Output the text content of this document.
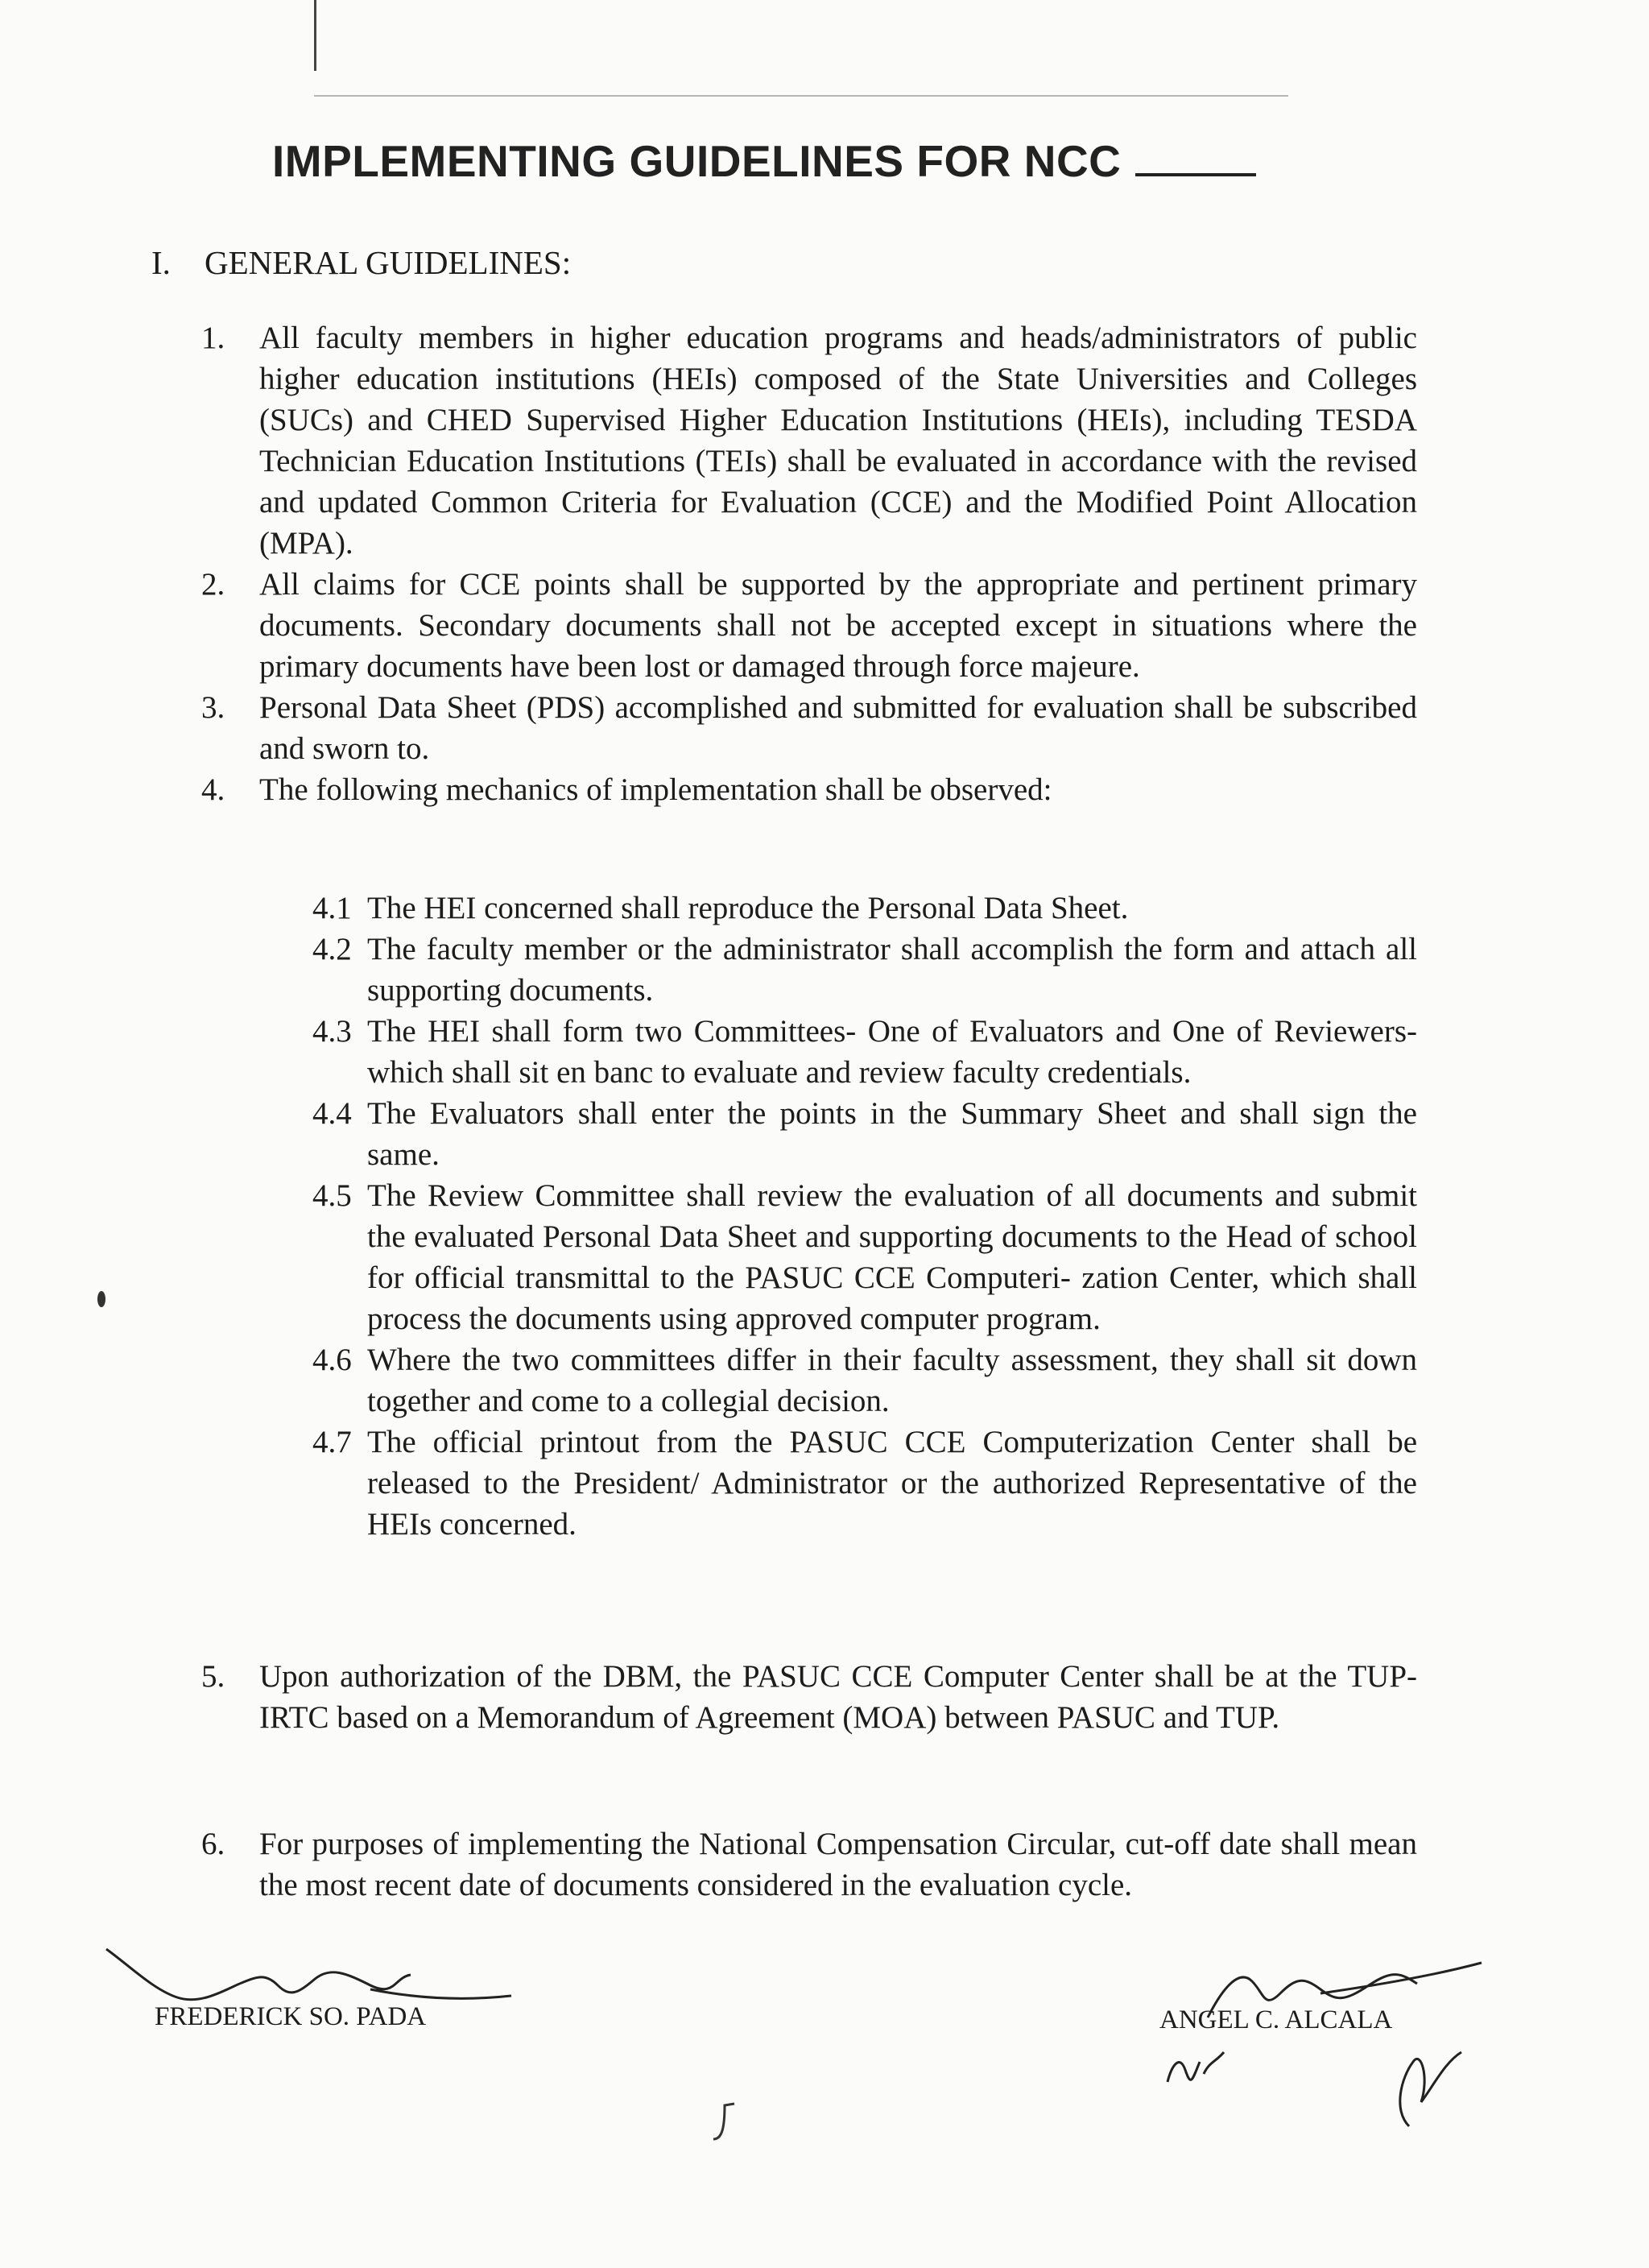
IMPLEMENTING GUIDELINES FOR NCC
I. GENERAL GUIDELINES:
1. All faculty members in higher education programs and heads/administrators of public higher education institutions (HEIs) composed of the State Universities and Colleges (SUCs) and CHED Supervised Higher Education Institutions (HEIs), including TESDA Technician Education Institutions (TEIs) shall be evaluated in accordance with the revised and updated Common Criteria for Evaluation (CCE) and the Modified Point Allocation (MPA).
2. All claims for CCE points shall be supported by the appropriate and pertinent primary documents. Secondary documents shall not be accepted except in situations where the primary documents have been lost or damaged through force majeure.
3. Personal Data Sheet (PDS) accomplished and submitted for evaluation shall be subscribed and sworn to.
4. The following mechanics of implementation shall be observed:
4.1 The HEI concerned shall reproduce the Personal Data Sheet.
4.2 The faculty member or the administrator shall accomplish the form and attach all supporting documents.
4.3 The HEI shall form two Committees- One of Evaluators and One of Reviewers- which shall sit en banc to evaluate and review faculty credentials.
4.4 The Evaluators shall enter the points in the Summary Sheet and shall sign the same.
4.5 The Review Committee shall review the evaluation of all documents and submit the evaluated Personal Data Sheet and supporting documents to the Head of school for official transmittal to the PASUC CCE Computeri- zation Center, which shall process the documents using approved computer program.
4.6 Where the two committees differ in their faculty assessment, they shall sit down together and come to a collegial decision.
4.7 The official printout from the PASUC CCE Computerization Center shall be released to the President/ Administrator or the authorized Representative of the HEIs concerned.
5. Upon authorization of the DBM, the PASUC CCE Computer Center shall be at the TUP-IRTC based on a Memorandum of Agreement (MOA) between PASUC and TUP.
6. For purposes of implementing the National Compensation Circular, cut-off date shall mean the most recent date of documents considered in the evaluation cycle.
FREDERICK SO. PADA	ANGEL C. ALCALA
